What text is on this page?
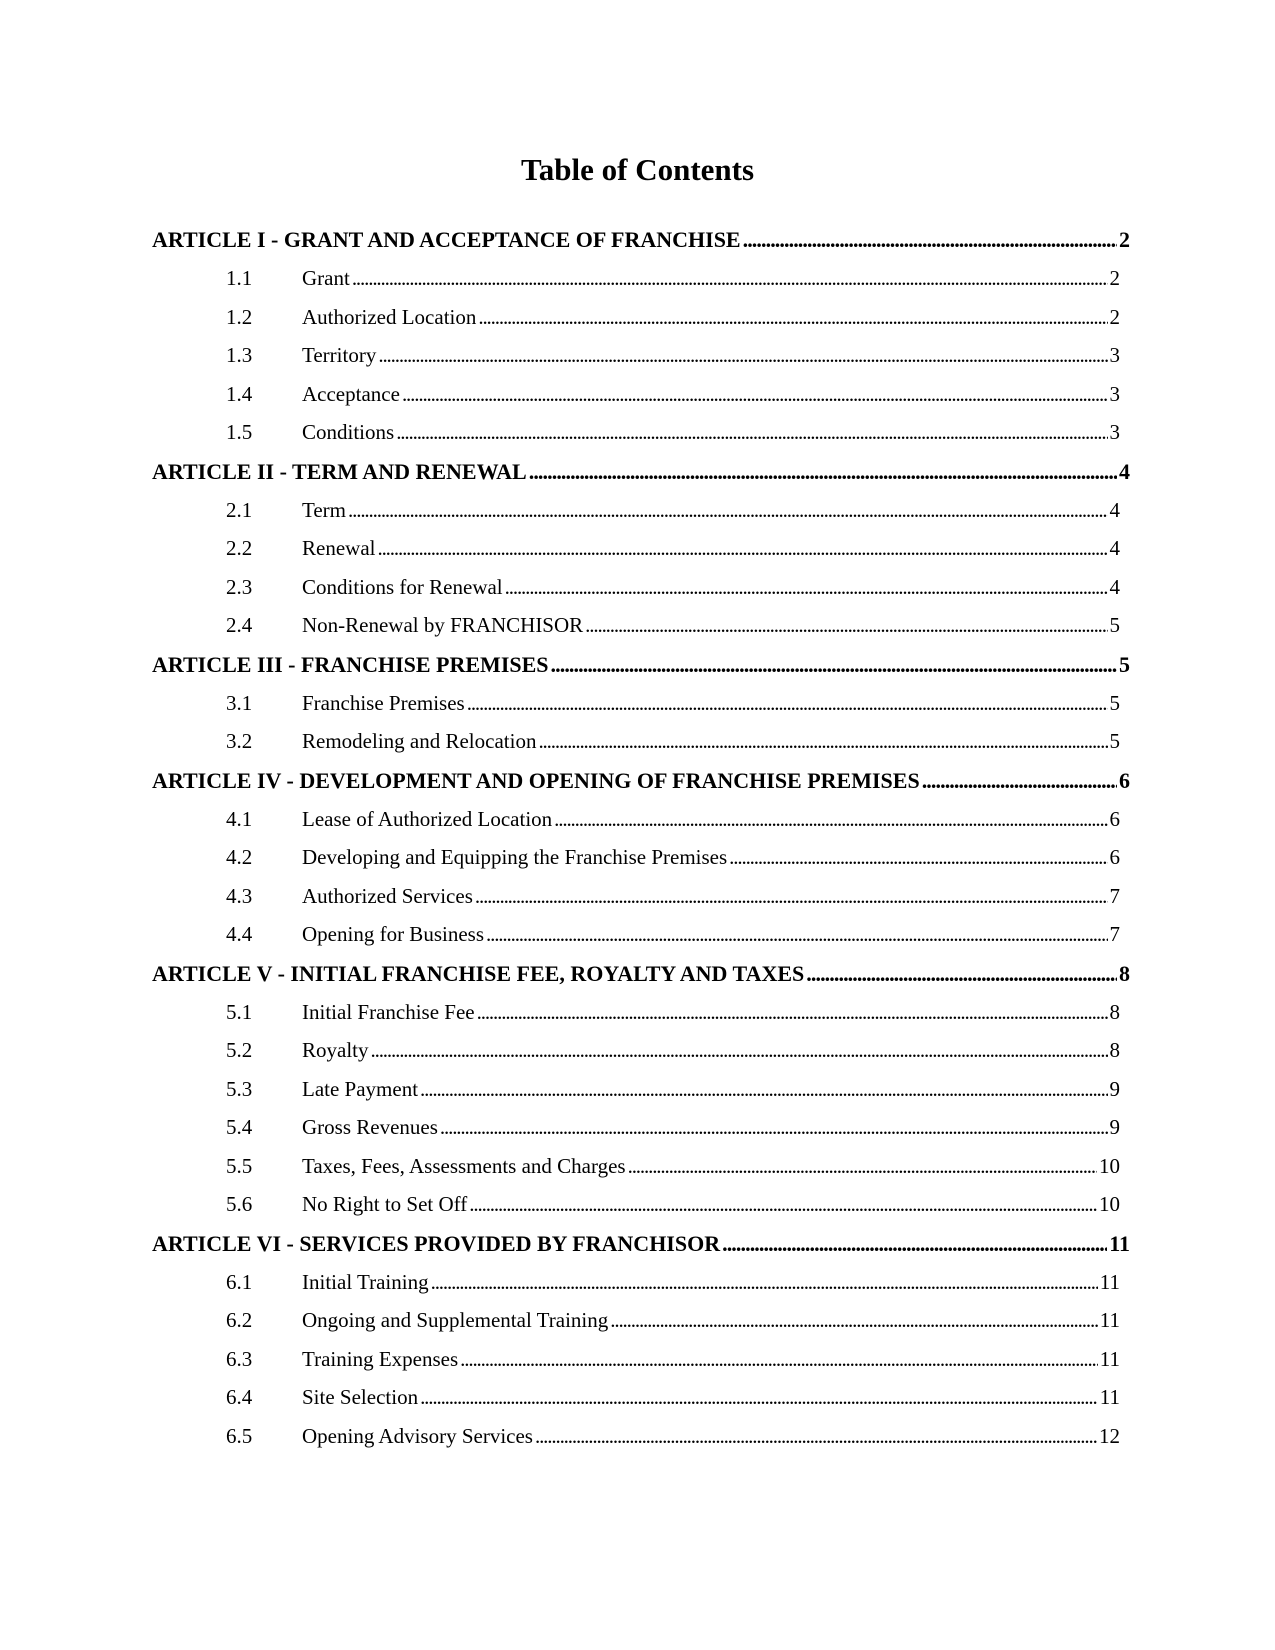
Table of Contents
ARTICLE I - GRANT AND ACCEPTANCE OF FRANCHISE . . .	2
1.1	Grant . . .	2
1.2	Authorized Location . . .	2
1.3	Territory . . .	3
1.4	Acceptance . . .	3
1.5	Conditions . . .	3
ARTICLE II - TERM AND RENEWAL . . .	4
2.1	Term . . .	4
2.2	Renewal . . .	4
2.3	Conditions for Renewal . . .	4
2.4	Non-Renewal by FRANCHISOR . . .	5
ARTICLE III - FRANCHISE PREMISES . . .	5
3.1	Franchise Premises . . .	5
3.2	Remodeling and Relocation . . .	5
ARTICLE IV - DEVELOPMENT AND OPENING OF FRANCHISE PREMISES . . .	6
4.1	Lease of Authorized Location . . .	6
4.2	Developing and Equipping the Franchise Premises . . .	6
4.3	Authorized Services . . .	7
4.4	Opening for Business . . .	7
ARTICLE V - INITIAL FRANCHISE FEE, ROYALTY AND TAXES . . .	8
5.1	Initial Franchise Fee . . .	8
5.2	Royalty . . .	8
5.3	Late Payment . . .	9
5.4	Gross Revenues . . .	9
5.5	Taxes, Fees, Assessments and Charges . . .	10
5.6	No Right to Set Off . . .	10
ARTICLE VI - SERVICES PROVIDED BY FRANCHISOR . . .	11
6.1	Initial Training . . .	11
6.2	Ongoing and Supplemental Training . . .	11
6.3	Training Expenses . . .	11
6.4	Site Selection . . .	11
6.5	Opening Advisory Services . . .	12
